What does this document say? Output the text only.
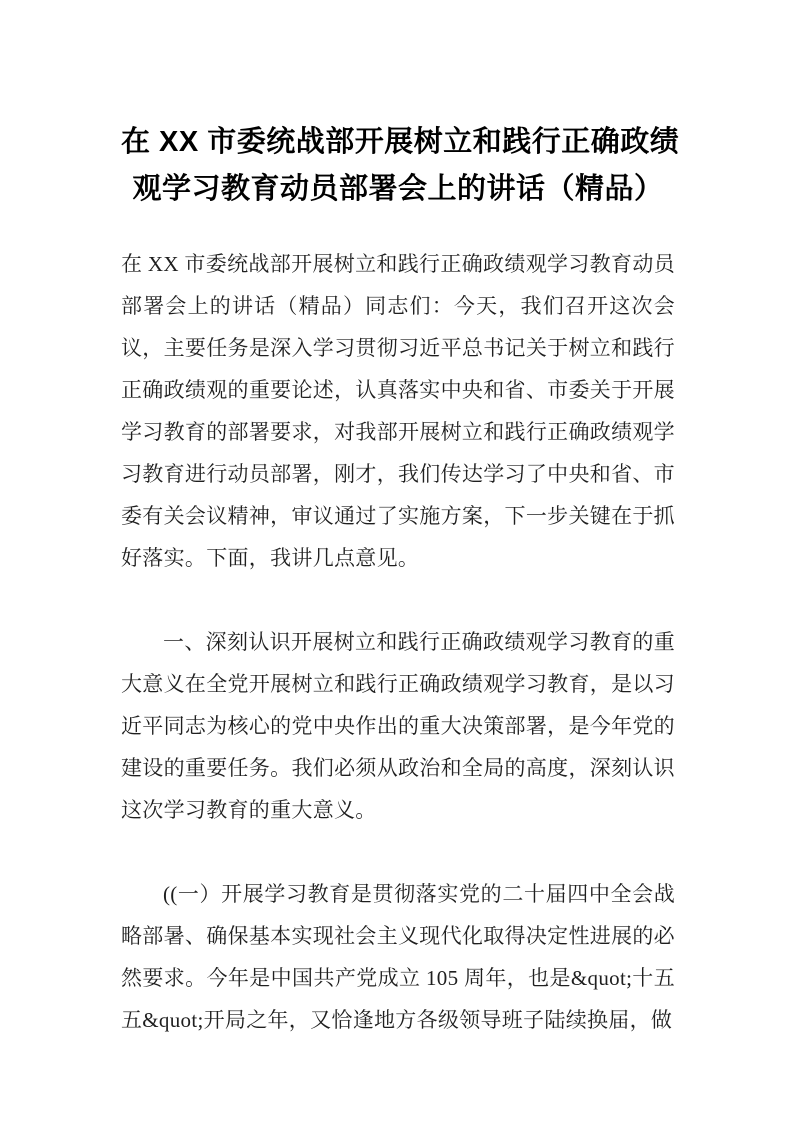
在 XX 市委统战部开展树立和践行正确政绩
观学习教育动员部署会上的讲话（精品）

在 XX 市委统战部开展树立和践行正确政绩观学习教育动员部署会上的讲话（精品）同志们：今天，我们召开这次会议，主要任务是深入学习贯彻习近平总书记关于树立和践行正确政绩观的重要论述，认真落实中央和省、市委关于开展学习教育的部署要求，对我部开展树立和践行正确政绩观学习教育进行动员部署，刚才，我们传达学习了中央和省、市委有关会议精神，审议通过了实施方案，下一步关键在于抓好落实。下面，我讲几点意见。

一、深刻认识开展树立和践行正确政绩观学习教育的重大意义在全党开展树立和践行正确政绩观学习教育，是以习近平同志为核心的党中央作出的重大决策部署，是今年党的建设的重要任务。我们必须从政治和全局的高度，深刻认识这次学习教育的重大意义。

((一）开展学习教育是贯彻落实党的二十届四中全会战略部暑、确保基本实现社会主义现代化取得决定性进展的必然要求。今年是中国共产党成立 105 周年，也是&quot;十五五&quot;开局之年，又恰逢地方各级领导班子陆续换届，做
